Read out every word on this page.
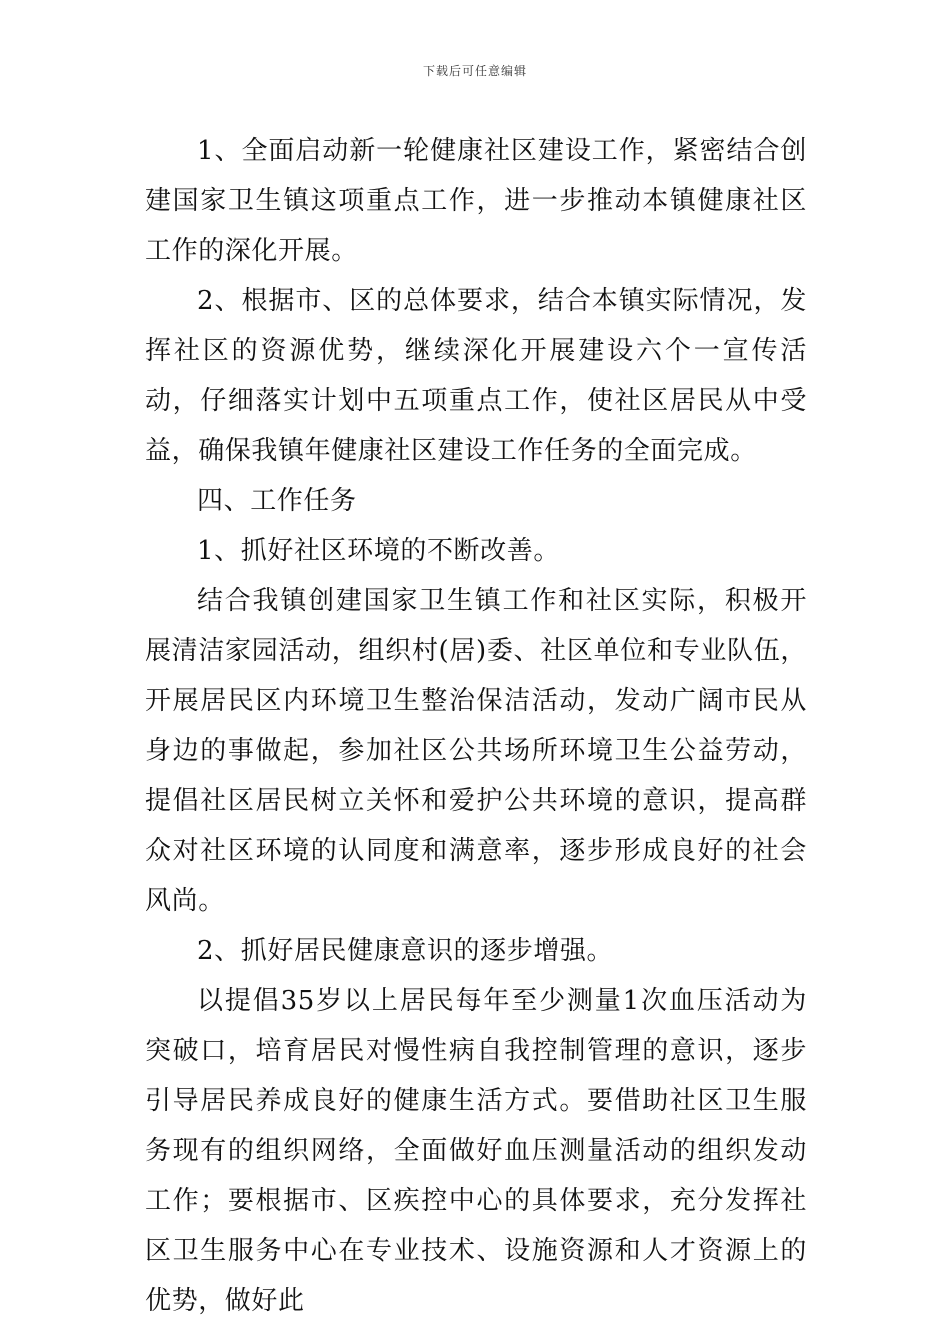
下载后可任意编辑

1、全面启动新一轮健康社区建设工作，紧密结合创建国家卫生镇这项重点工作，进一步推动本镇健康社区工作的深化开展。

2、根据市、区的总体要求，结合本镇实际情况，发挥社区的资源优势，继续深化开展建设六个一宣传活动，仔细落实计划中五项重点工作，使社区居民从中受益，确保我镇年健康社区建设工作任务的全面完成。

四、工作任务

1、抓好社区环境的不断改善。

结合我镇创建国家卫生镇工作和社区实际，积极开展清洁家园活动，组织村(居)委、社区单位和专业队伍，开展居民区内环境卫生整治保洁活动，发动广阔市民从身边的事做起，参加社区公共场所环境卫生公益劳动，提倡社区居民树立关怀和爱护公共环境的意识，提高群众对社区环境的认同度和满意率，逐步形成良好的社会风尚。

2、抓好居民健康意识的逐步增强。

以提倡35岁以上居民每年至少测量1次血压活动为突破口，培育居民对慢性病自我控制管理的意识，逐步引导居民养成良好的健康生活方式。要借助社区卫生服务现有的组织网络，全面做好血压测量活动的组织发动工作；要根据市、区疾控中心的具体要求，充分发挥社区卫生服务中心在专业技术、设施资源和人才资源上的优势，做好此
